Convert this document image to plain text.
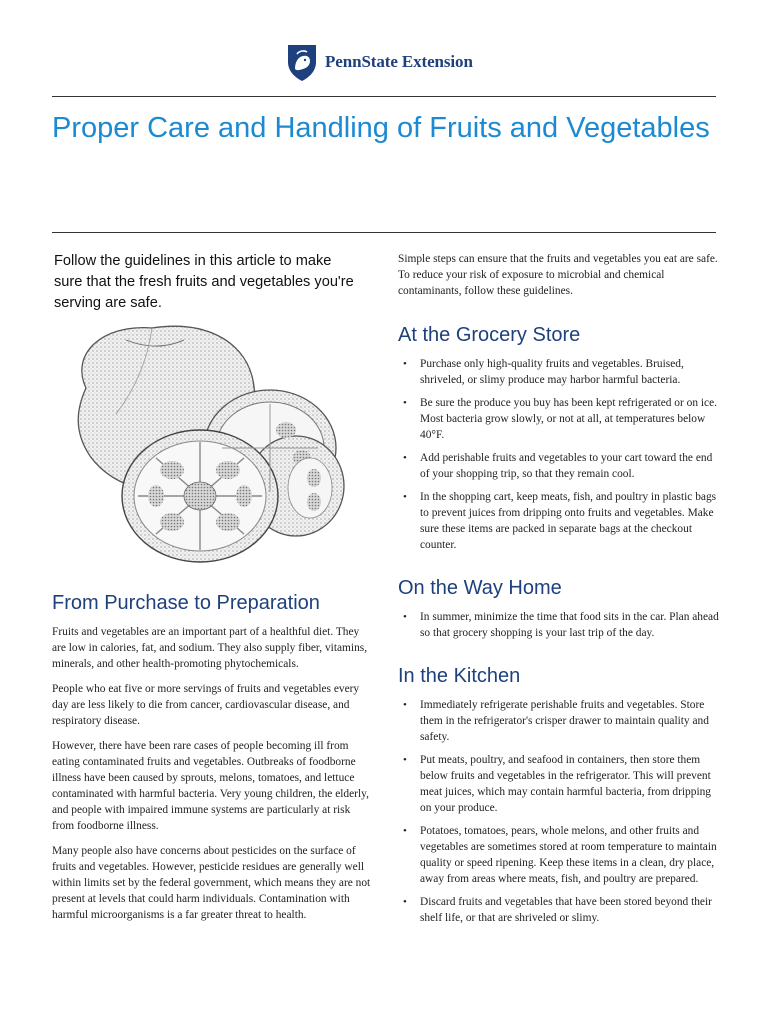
PennState Extension
Proper Care and Handling of Fruits and Vegetables

Follow the guidelines in this article to make sure that the fresh fruits and vegetables you're serving are safe.

From Purchase to Preparation

Fruits and vegetables are an important part of a healthful diet. They are low in calories, fat, and sodium. They also supply fiber, vitamins, minerals, and other health-promoting phytochemicals.

People who eat five or more servings of fruits and vegetables every day are less likely to die from cancer, cardiovascular disease, and respiratory disease.

However, there have been rare cases of people becoming ill from eating contaminated fruits and vegetables. Outbreaks of foodborne illness have been caused by sprouts, melons, tomatoes, and lettuce contaminated with harmful bacteria. Very young children, the elderly, and people with impaired immune systems are particularly at risk from foodborne illness.

Many people also have concerns about pesticides on the surface of fruits and vegetables. However, pesticide residues are generally well within limits set by the federal government, which means they are not present at levels that could harm individuals. Contamination with harmful microorganisms is a far greater threat to health.

Simple steps can ensure that the fruits and vegetables you eat are safe. To reduce your risk of exposure to microbial and chemical contaminants, follow these guidelines.

At the Grocery Store
• Purchase only high-quality fruits and vegetables. Bruised, shriveled, or slimy produce may harbor harmful bacteria.
• Be sure the produce you buy has been kept refrigerated or on ice. Most bacteria grow slowly, or not at all, at temperatures below 40°F.
• Add perishable fruits and vegetables to your cart toward the end of your shopping trip, so that they remain cool.
• In the shopping cart, keep meats, fish, and poultry in plastic bags to prevent juices from dripping onto fruits and vegetables. Make sure these items are packed in separate bags at the checkout counter.
On the Way Home
• In summer, minimize the time that food sits in the car. Plan ahead so that grocery shopping is your last trip of the day.
In the Kitchen
• Immediately refrigerate perishable fruits and vegetables. Store them in the refrigerator's crisper drawer to maintain quality and safety.
• Put meats, poultry, and seafood in containers, then store them below fruits and vegetables in the refrigerator. This will prevent meat juices, which may contain harmful bacteria, from dripping on your produce.
• Potatoes, tomatoes, pears, whole melons, and other fruits and vegetables are sometimes stored at room temperature to maintain quality or speed ripening. Keep these items in a clean, dry place, away from areas where meats, fish, and poultry are prepared.
• Discard fruits and vegetables that have been stored beyond their shelf life, or that are shriveled or slimy.
